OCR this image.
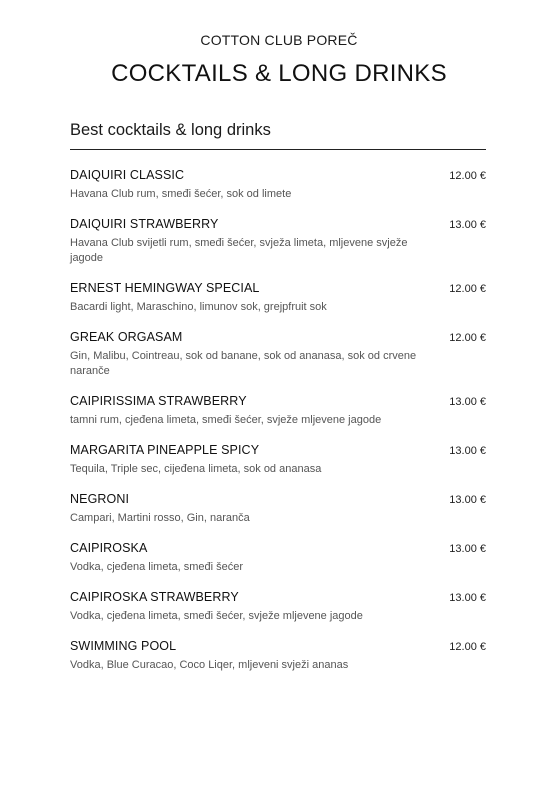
COTTON CLUB POREČ
COCKTAILS & LONG DRINKS
Best cocktails & long drinks
DAIQUIRI CLASSIC
Havana Club rum, smeđi šećer, sok od limete
12.00 €
DAIQUIRI STRAWBERRY
Havana Club svijetli rum, smeđi šećer, svježa limeta, mljevene svježe jagode
13.00 €
ERNEST HEMINGWAY SPECIAL
Bacardi light, Maraschino, limunov sok, grejpfruit sok
12.00 €
GREAK ORGASAM
Gin, Malibu, Cointreau, sok od banane, sok od ananasa, sok od crvene naranče
12.00 €
CAIPIRISSIMA STRAWBERRY
tamni rum, cjeđena limeta, smeđi šećer, svježe mljevene jagode
13.00 €
MARGARITA PINEAPPLE SPICY
Tequila, Triple sec, cijeđena limeta, sok od ananasa
13.00 €
NEGRONI
Campari, Martini rosso, Gin, naranča
13.00 €
CAIPIROSKA
Vodka, cjeđena limeta, smeđi šećer
13.00 €
CAIPIROSKA STRAWBERRY
Vodka, cjeđena limeta, smeđi šećer, svježe mljevene jagode
13.00 €
SWIMMING POOL
Vodka, Blue Curacao, Coco Liqer, mljeveni svježi ananas
12.00 €
